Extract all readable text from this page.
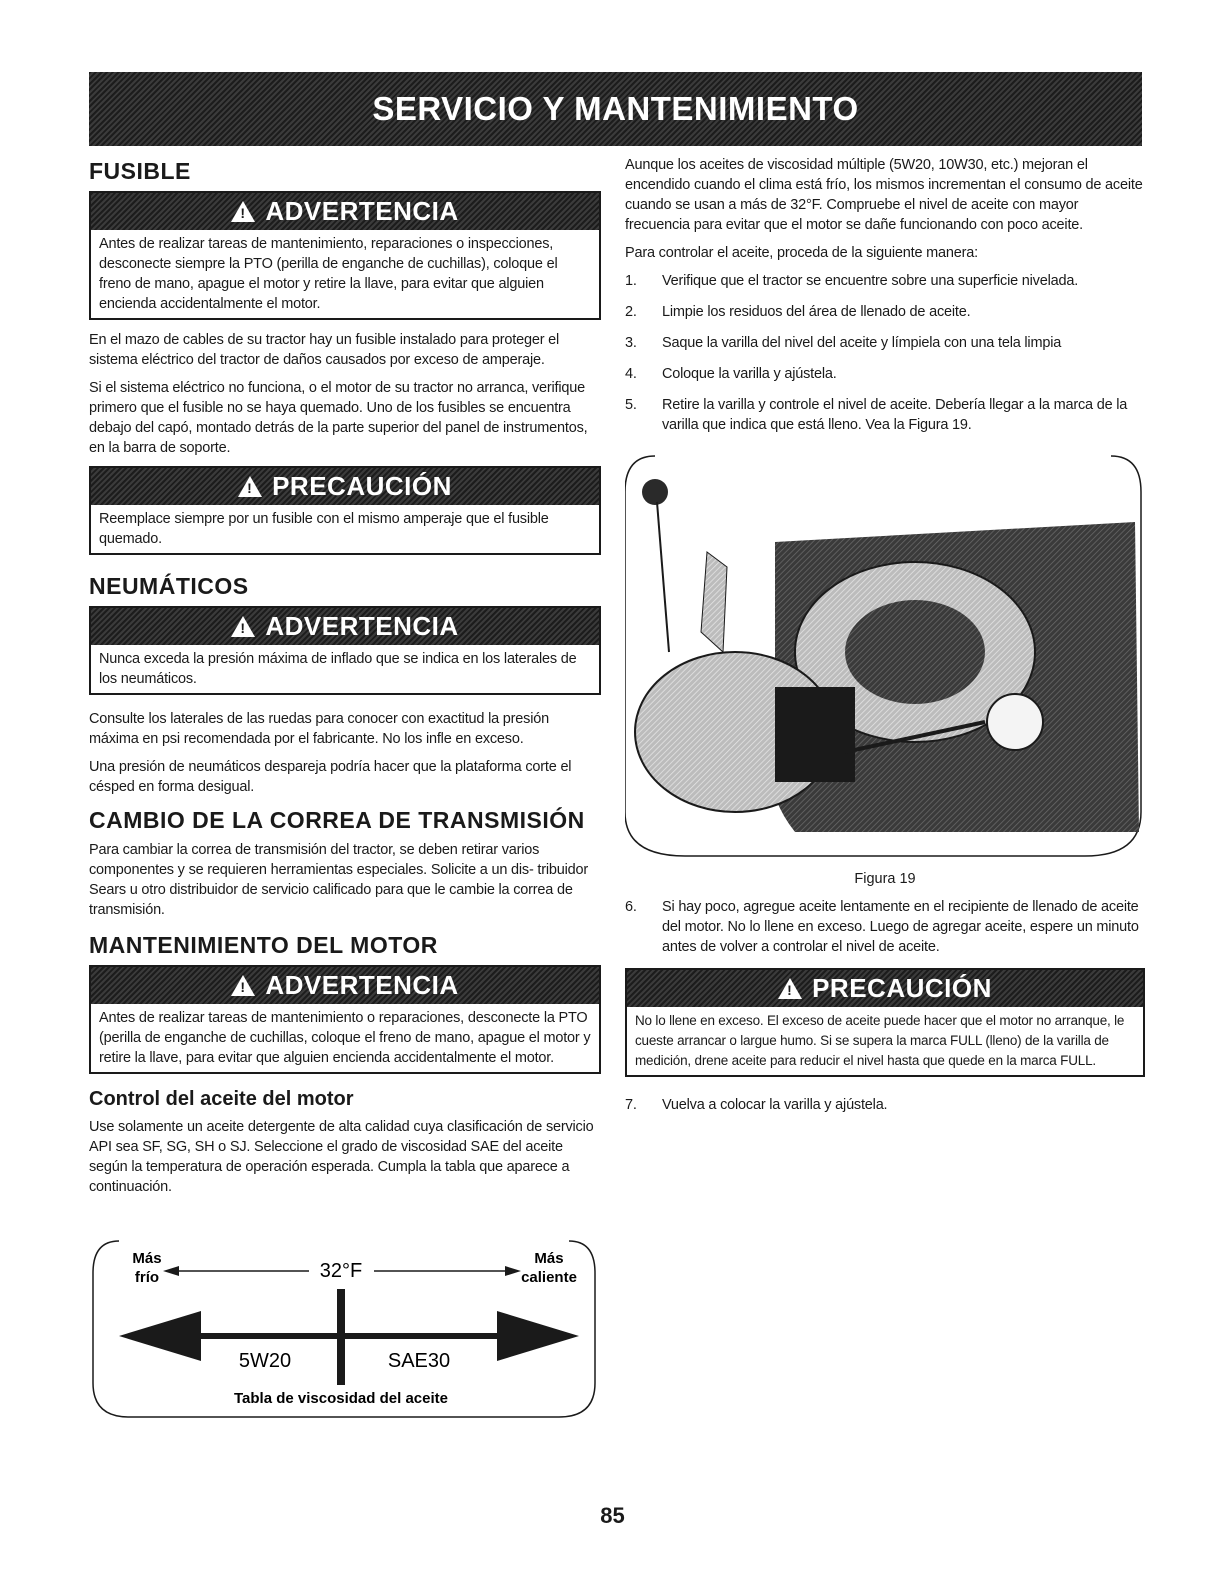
SERVICIO Y MANTENIMIENTO
FUSIBLE
!
ADVERTENCIA
Antes de realizar tareas de mantenimiento, reparaciones o inspecciones, desconecte siempre la PTO (perilla de enganche de cuchillas), coloque el freno de mano, apague el motor y retire la llave, para evitar que alguien encienda accidentalmente el motor.

En el mazo de cables de su tractor hay un fusible instalado para proteger el sistema eléctrico del tractor de daños causados por exceso de amperaje.

Si el sistema eléctrico no funciona, o el motor de su tractor no arranca, verifique primero que el fusible no se haya quemado. Uno de los fusibles se encuentra debajo del capó, montado detrás de la parte superior del panel de instrumentos, en la barra de soporte.

!
PRECAUCIÓN
Reemplace siempre por un fusible con el mismo amperaje que el fusible quemado.
NEUMÁTICOS
!
ADVERTENCIA
Nunca exceda la presión máxima de inflado que se indica en los laterales de los neumáticos.

Consulte los laterales de las ruedas para conocer con exactitud la presión máxima en psi recomendada por el fabricante. No los infle en exceso.

Una presión de neumáticos despareja podría hacer que la plataforma corte el césped en forma desigual.

CAMBIO DE LA CORREA DE TRANSMISIÓN

Para cambiar la correa de transmisión del tractor, se deben retirar varios componentes y se requieren herramientas especiales. Solicite a un dis- tribuidor Sears u otro distribuidor de servicio calificado para que le cambie la correa de transmisión.

MANTENIMIENTO DEL MOTOR
!
ADVERTENCIA
Antes de realizar tareas de mantenimiento o reparaciones, desconecte la PTO (perilla de enganche de cuchillas, coloque el freno de mano, apague el motor y retire la llave, para evitar que alguien encienda accidentalmente el motor.
Control del aceite del motor

Use solamente un aceite detergente de alta calidad cuya clasificación de servicio API sea SF, SG, SH o SJ. Seleccione el grado de viscosidad SAE del aceite según la temperatura de operación esperada. Cumpla la tabla que aparece a continuación.

Más
frío
Más
caliente
32°F
5W20	SAE30
Tabla de viscosidad del aceite

Aunque los aceites de viscosidad múltiple (5W20, 10W30, etc.) mejoran el encendido cuando el clima está frío, los mismos incrementan el consumo de aceite cuando se usan a más de 32°F. Compruebe el nivel de aceite con mayor frecuencia para evitar que el motor se dañe funcionando con poco aceite.

Para controlar el aceite, proceda de la siguiente manera:

1.	Verifique que el tractor se encuentre sobre una superficie nivelada.
2.	Limpie los residuos del área de llenado de aceite.
3.	Saque la varilla del nivel del aceite y límpiela con una tela limpia
4.	Coloque la varilla y ajústela.
5.	Retire la varilla y controle el nivel de aceite. Debería llegar a la marca de la varilla que indica que está lleno. Vea la Figura 19.
Figura 19
6.	Si hay poco, agregue aceite lentamente en el recipiente de llenado de aceite del motor. No lo llene en exceso. Luego de agregar aceite, espere un minuto antes de volver a controlar el nivel de aceite.
!
PRECAUCIÓN
No lo llene en exceso. El exceso de aceite puede hacer que el motor no arranque, le cueste arrancar o largue humo. Si se supera la marca FULL (lleno) de la varilla de medición, drene aceite para reducir el nivel hasta que quede en la marca FULL.
7.	Vuelva a colocar la varilla y ajústela.
85
